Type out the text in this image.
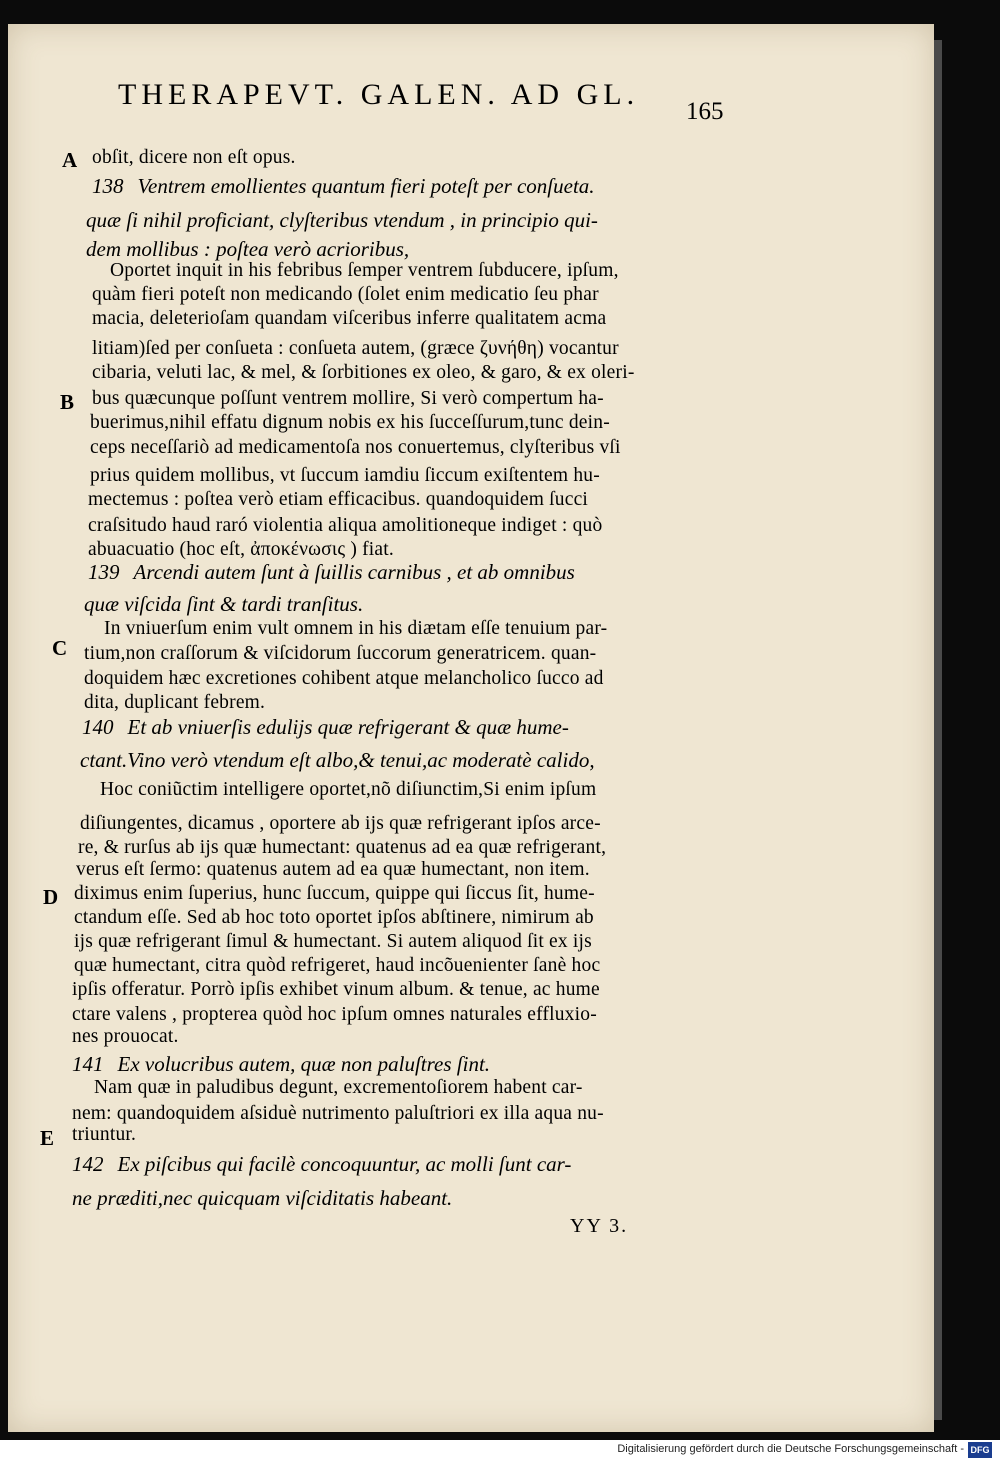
THERAPEVT. GALEN. AD GL.
165
A
B
C
D
E
obſit, dicere non eſt opus.
138 Ventrem emollientes quantum fieri poteſt per conſueta.
quæ ſi nihil proficiant, clyſteribus vtendum , in principio qui-
dem mollibus : poſtea verò acrioribus,
Oportet inquit in his febribus ſemper ventrem ſubducere, ipſum,
quàm fieri poteſt non medicando (ſolet enim medicatio ſeu phar
macia, deleterioſam quandam viſceribus inferre qualitatem acma
litiam)ſed per conſueta : conſueta autem, (græce ζυνήθη) vocantur
cibaria, veluti lac, & mel, & ſorbitiones ex oleo, & garo, & ex oleri-
bus quæcunque poſſunt ventrem mollire, Si verò compertum ha-
buerimus,nihil effatu dignum nobis ex his ſucceſſurum,tunc dein-
ceps neceſſariò ad medicamentoſa nos conuertemus, clyſteribus vſi
prius quidem mollibus, vt ſuccum iamdiu ſiccum exiſtentem hu-
mectemus : poſtea verò etiam efficacibus. quandoquidem ſucci
craſsitudo haud raró violentia aliqua amolitioneque indiget : quò
abuacuatio (hoc eſt, ἀποκένωσις ) fiat.
139 Arcendi autem ſunt à ſuillis carnibus , et ab omnibus
quæ viſcida ſint & tardi tranſitus.
In vniuerſum enim vult omnem in his diætam eſſe tenuium par-
tium,non craſſorum & viſcidorum ſuccorum generatricem. quan-
doquidem hæc excretiones cohibent atque melancholico ſucco ad
dita, duplicant febrem.
140 Et ab vniuerſis edulijs quæ refrigerant & quæ hume-
ctant.Vino verò vtendum eſt albo,& tenui,ac moderatè calido,
Hoc coniũctim intelligere oportet,nõ diſiunctim,Si enim ipſum
diſiungentes, dicamus , oportere ab ijs quæ refrigerant ipſos arce-
re, & rurſus ab ijs quæ humectant: quatenus ad ea quæ refrigerant,
verus eſt ſermo: quatenus autem ad ea quæ humectant, non item.
diximus enim ſuperius, hunc ſuccum, quippe qui ſiccus ſit, hume-
ctandum eſſe. Sed ab hoc toto oportet ipſos abſtinere, nimirum ab
ijs quæ refrigerant ſimul & humectant. Si autem aliquod ſit ex ijs
quæ humectant, citra quòd refrigeret, haud incõuenienter ſanè hoc
ipſis offeratur. Porrò ipſis exhibet vinum album. & tenue, ac hume
ctare valens , propterea quòd hoc ipſum omnes naturales effluxio-
nes prouocat.
141 Ex volucribus autem, quæ non paluſtres ſint.
Nam quæ in paludibus degunt, excrementoſiorem habent car-
nem: quandoquidem aſsiduè nutrimento paluſtriori ex illa aqua nu-
triuntur.
142 Ex piſcibus qui facilè concoquuntur, ac molli ſunt car-
ne præditi,nec quicquam viſciditatis habeant.
YY 3.
Digitalisierung gefördert durch die Deutsche Forschungsgemeinschaft - DFG
